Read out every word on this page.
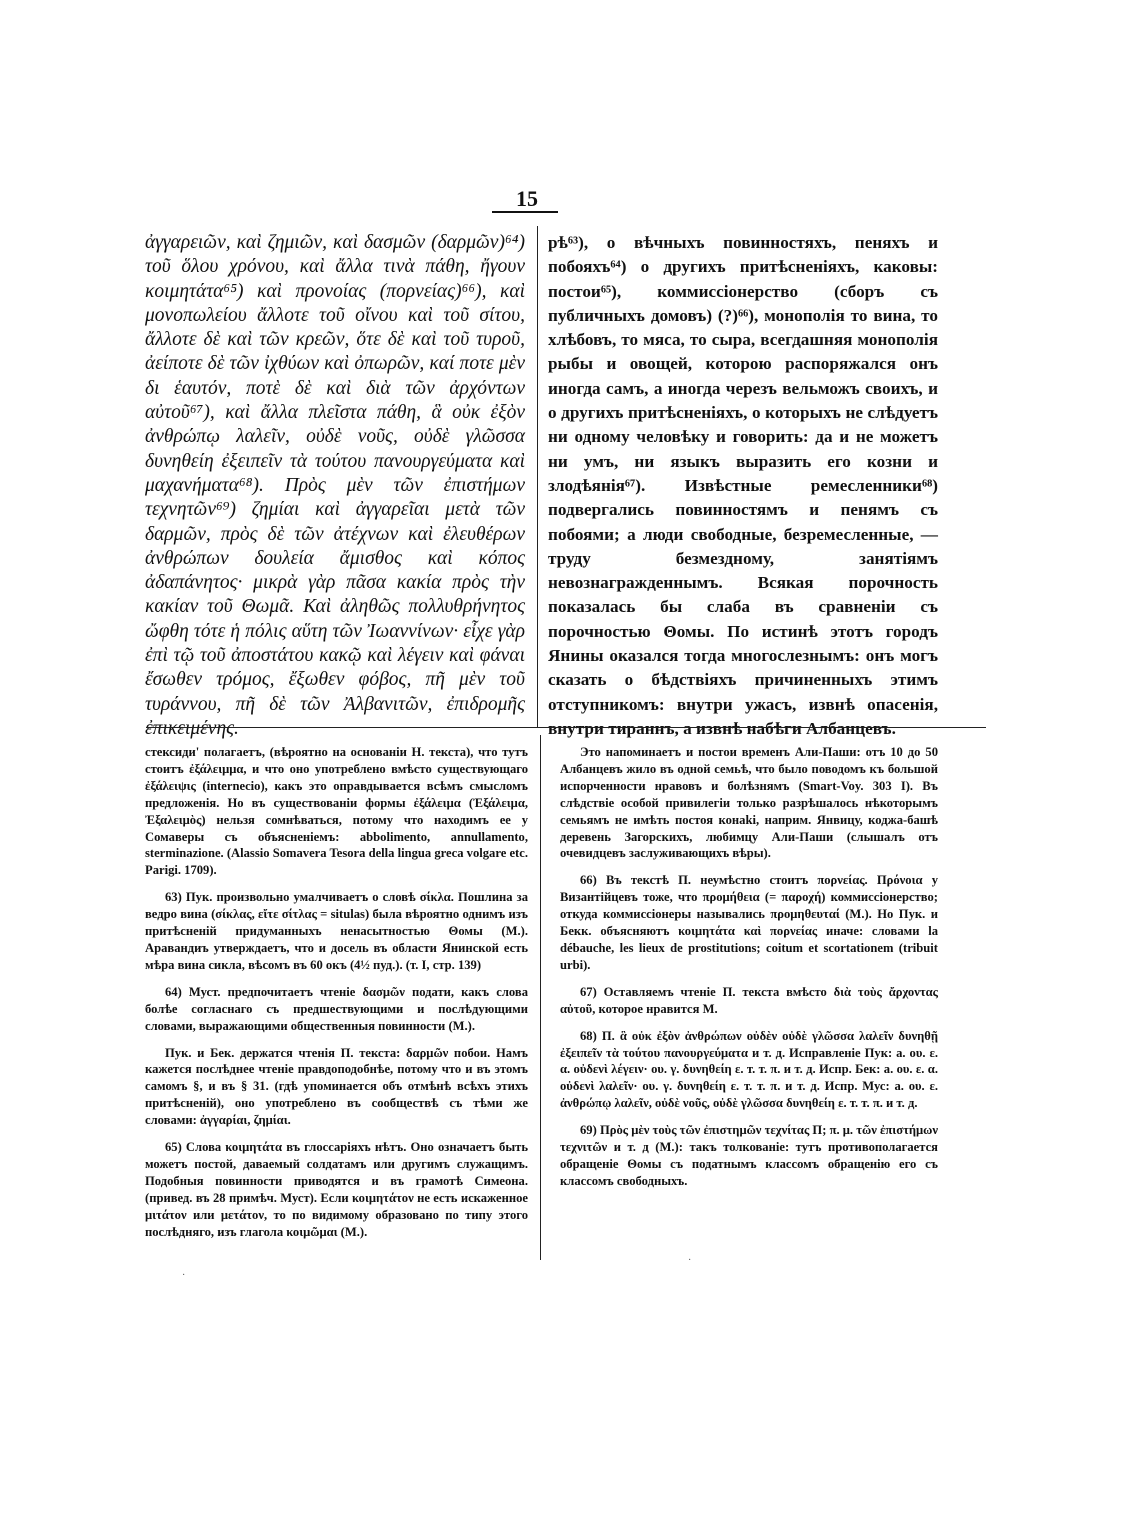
15

ἀγγαρειῶν, καὶ ζημιῶν, καὶ δασμῶν (δαρμῶν)⁶⁴) τοῦ ὅλου χρόνου, καὶ ἄλλα τινὰ πάθη, ἤγουν κοιμητάτα⁶⁵) καὶ προνοίας (πορνείας)⁶⁶), καὶ μονοπωλείου ἄλλοτε τοῦ οἴνου καὶ τοῦ σίτου, ἄλλοτε δὲ καὶ τῶν κρεῶν, ὅτε δὲ καὶ τοῦ τυροῦ, ἀείποτε δὲ τῶν ἰχθύων καὶ ὀπωρῶν, καί ποτε μὲν δι ἑαυτόν, ποτὲ δὲ καὶ διὰ τῶν ἀρχόντων αὐτοῦ⁶⁷), καὶ ἄλλα πλεῖστα πάθη, ἃ οὐκ ἐξὸν ἀνθρώπῳ λαλεῖν, οὐδὲ νοῦς, οὐδὲ γλῶσσα δυνηθείη ἐξειπεῖν τὰ τούτου πανουργεύματα καὶ μαχανήματα⁶⁸). Πρὸς μὲν τῶν ἐπιστήμων τεχνητῶν⁶⁹) ζημίαι καὶ ἀγγαρεῖαι μετὰ τῶν δαρμῶν, πρὸς δὲ τῶν ἀτέχνων καὶ ἐλευθέρων ἀνθρώπων δουλεία ἄμισθος καὶ κόπος ἀδαπάνητος· μικρὰ γὰρ πᾶσα κακία πρὸς τὴν κακίαν τοῦ Θωμᾶ. Καὶ ἀληθῶς πολλυθρήνητος ὤφθη τότε ἡ πόλις αὕτη τῶν Ἰωαννίνων· εἶχε γὰρ ἐπὶ τῷ τοῦ ἀποστάτου κακῷ καὶ λέγειν καὶ φάναι ἔσωθεν τρόμος, ἔξωθεν φόβος, πῆ μὲν τοῦ τυράννου, πῆ δὲ τῶν Ἀλβανιτῶν, ἐπιδρομῆς ἐπικειμένης.

рѣ⁶³), о вѣчныхъ повинностяхъ, пеняхъ и побояхъ⁶⁴) о другихъ притѣсненiяхъ, каковы: постои⁶⁵), коммиссiонерство (сборъ съ публичныхъ домовъ) (?)⁶⁶), монополiя то вина, то хлѣбовъ, то мяса, то сыра, всегдашняя монополiя рыбы и овощей, которою распоряжался онъ иногда самъ, а иногда черезъ вельможъ своихъ, и о другихъ притѣсненiяхъ, о которыхъ не слѣдуетъ ни одному человѣку и говорить: да и не можетъ ни умъ, ни языкъ выразить его козни и злодѣянiя⁶⁷). Извѣстные ремесленники⁶⁸) подвергались повинностямъ и пенямъ съ побоями; а люди свободные, безремесленные, — труду безмездному, занятiямъ невознагражденнымъ. Всякая порочность показалась бы слаба въ сравненiи съ порочностью Θомы. По истинѣ этотъ городъ Янины оказался тогда многослезнымъ: онъ могъ сказать о бѣдствiяхъ причиненныхъ этимъ отступникомъ: внутри ужасъ, извнѣ опасенiя, внутри тираннъ, а извнѣ набѣги Албанцевъ.

стексиди' полагаетъ, (вѣроятно на основанiи Н. текста), что тутъ стоитъ ἐξάλειμμα, и что оно употреблено вмѣсто существующаго ἐξάλειψις (internecio), какъ это оправдывается всѣмъ смысломъ предложенiя. Но въ существованiи формы ἐξάλειμα (Ἐξάλειμα, Ἐξαλειμὸς) нельзя сомнѣваться, потому что находимъ ее у Сомаверы съ объясненiемъ: abbolimento, annullamento, sterminazione. (Alassio Somavera Tesora della lingua greca volgare etc. Parigi. 1709).

63) Пук. произвольно умалчиваетъ о словѣ σίκλα. Пошлина за ведро вина (σίκλας, εἴτε σίτλας = situlas) была вѣроятно однимъ изъ притѣсненiй придуманныхъ ненасытностью Θомы (М.). Аравандиъ утверждаетъ, что и досель въ области Янинской есть мѣра вина сикла, вѣсомъ въ 60 окъ (4½ пуд.). (т. I, стр. 139)

64) Муст. предпочитаетъ чтенiе δασμῶν подати, какъ слова болѣе согласнаго съ предшествующими и послѣдующими словами, выражающими общественныя повинности (М.).

Пук. и Бек. держатся чтенiя П. текста: δαρμῶν побои. Намъ кажется послѣднее чтенiе правдоподобнѣе, потому что и въ этомъ самомъ §, и въ § 31. (гдѣ упоминается объ отмѣнѣ всѣхъ этихъ притѣсненiй), оно употреблено въ сообществѣ съ тѣми же словами: ἀγγαρίαι, ζημίαι.

65) Слова κοιμητάτα въ глоссарiяхъ нѣтъ. Оно означаетъ быть можетъ постой, даваемый солдатамъ или другимъ служащимъ. Подобныя повинности приводятся и въ грамотѣ Симеона. (привед. въ 28 примѣч. Муст). Если κοιμητάτον не есть искаженное μιτάτον или μετάτον, то по видимому образовано по типу этого послѣдняго, изъ глагола κοιμῶμαι (М.).

Это напоминаетъ и постои временъ Али-Паши: отъ 10 до 50 Албанцевъ жило въ одной семьѣ, что было поводомъ къ большой испорченности нравовъ и болѣзнямъ (Smart-Voy. 303 I). Въ слѣдствiе особой привилегiи только разрѣшалось нѣкоторымъ семьямъ не имѣть постоя конаki, наприм. Янвицу, коджа-башѣ деревень Загорскихъ, любимцу Али-Паши (слышалъ отъ очевидцевъ заслуживающихъ вѣры).

66) Въ текстѣ П. неумѣстно стоитъ πορνείας. Πρόνοια у Византiйцевъ тоже, что προμήθεια (= παροχή) коммиссiонерство; откуда коммиссiонеры назывались προμηθευταί (М.). Но Пук. и Бекк. объясняютъ κοιμητάτα καὶ πορνείας иначе: словами la débauche, les lieux de prostitutions; coitum et scortationem (tribuit urbi).

67) Оставляемъ чтенiе П. текста вмѣсто διὰ τοὺς ἄρχοντας αὐτοῦ, которое нравится М.

68) П. ἃ οὐκ ἐξὸν ἀνθρώπων οὐδὲν οὐδὲ γλῶσσα λαλεῖν δυνηθῇ ἐξειπεῖν τὰ τούτου πανουργεύματα и т. д. Исправленiе Пук: а. оυ. ε. α. οὐδενὶ λέγειν· оυ. γ. δυνηθείη ε. т. т. π. и т. д. Испр. Бек: а. оυ. ε. α. οὐδενὶ λαλεῖν· оυ. γ. δυνηθείη ε. т. т. π. и т. д. Испр. Мус: а. оυ. ε. ἀνθρώπῳ λαλεῖν, οὐδὲ νοῦς, οὐδὲ γλῶσσα δυνηθείη ε. т. т. π. и т. д.

69) Πρὸς μὲν τοὺς τῶν ἐπιστημῶν τεχνίτας П; π. μ. τῶν ἐπιστήμων τεχνιτῶν и т. д (М.): такъ толкованiе: тутъ противополагается обращенiе Θомы съ податнымъ классомъ обращенiю его съ классомъ свободныхъ.

·
·
